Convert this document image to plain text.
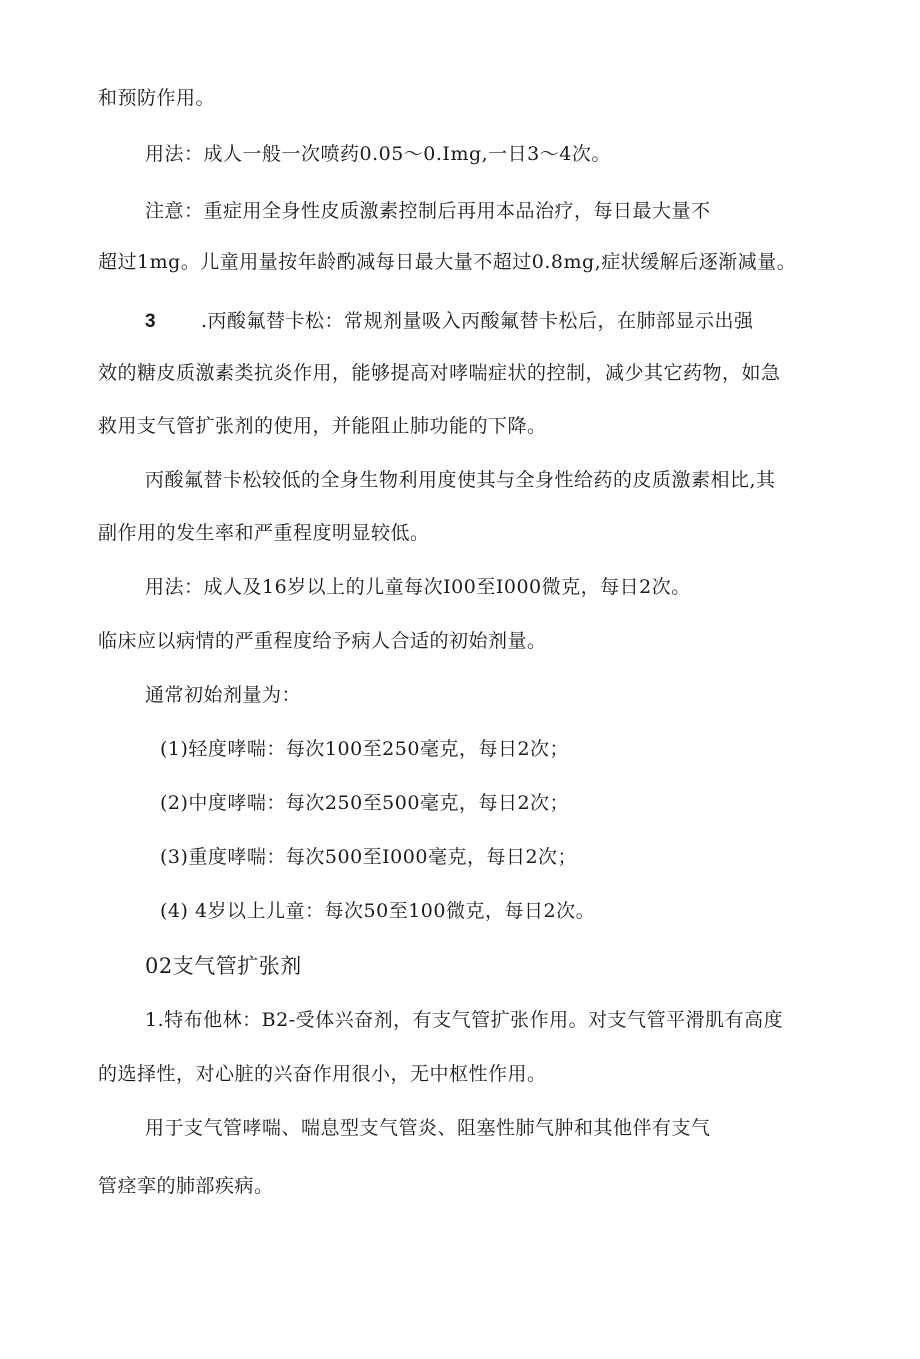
和预防作用。
用法：成人一般一次喷药0.05～0.Img,一日3～4次。
注意：重症用全身性皮质激素控制后再用本品治疗，每日最大量不
超过1mg。儿童用量按年龄酌减每日最大量不超过0.8mg,症状缓解后逐渐减量。
3 .丙酸氟替卡松：常规剂量吸入丙酸氟替卡松后，在肺部显示出强
效的糖皮质激素类抗炎作用，能够提高对哮喘症状的控制，减少其它药物，如急
救用支气管扩张剂的使用，并能阻止肺功能的下降。
丙酸氟替卡松较低的全身生物利用度使其与全身性给药的皮质激素相比,其
副作用的发生率和严重程度明显较低。
用法：成人及16岁以上的儿童每次I00至I000微克，每日2次。
临床应以病情的严重程度给予病人合适的初始剂量。
通常初始剂量为：
(1)轻度哮喘：每次100至250毫克，每日2次；
(2)中度哮喘：每次250至500毫克，每日2次；
(3)重度哮喘：每次500至I000毫克，每日2次；
(4) 4岁以上儿童：每次50至100微克，每日2次。
02支气管扩张剂
1.特布他林：B2-受体兴奋剂，有支气管扩张作用。对支气管平滑肌有高度
的选择性，对心脏的兴奋作用很小，无中枢性作用。
用于支气管哮喘、喘息型支气管炎、阻塞性肺气肿和其他伴有支气
管痉挛的肺部疾病。
